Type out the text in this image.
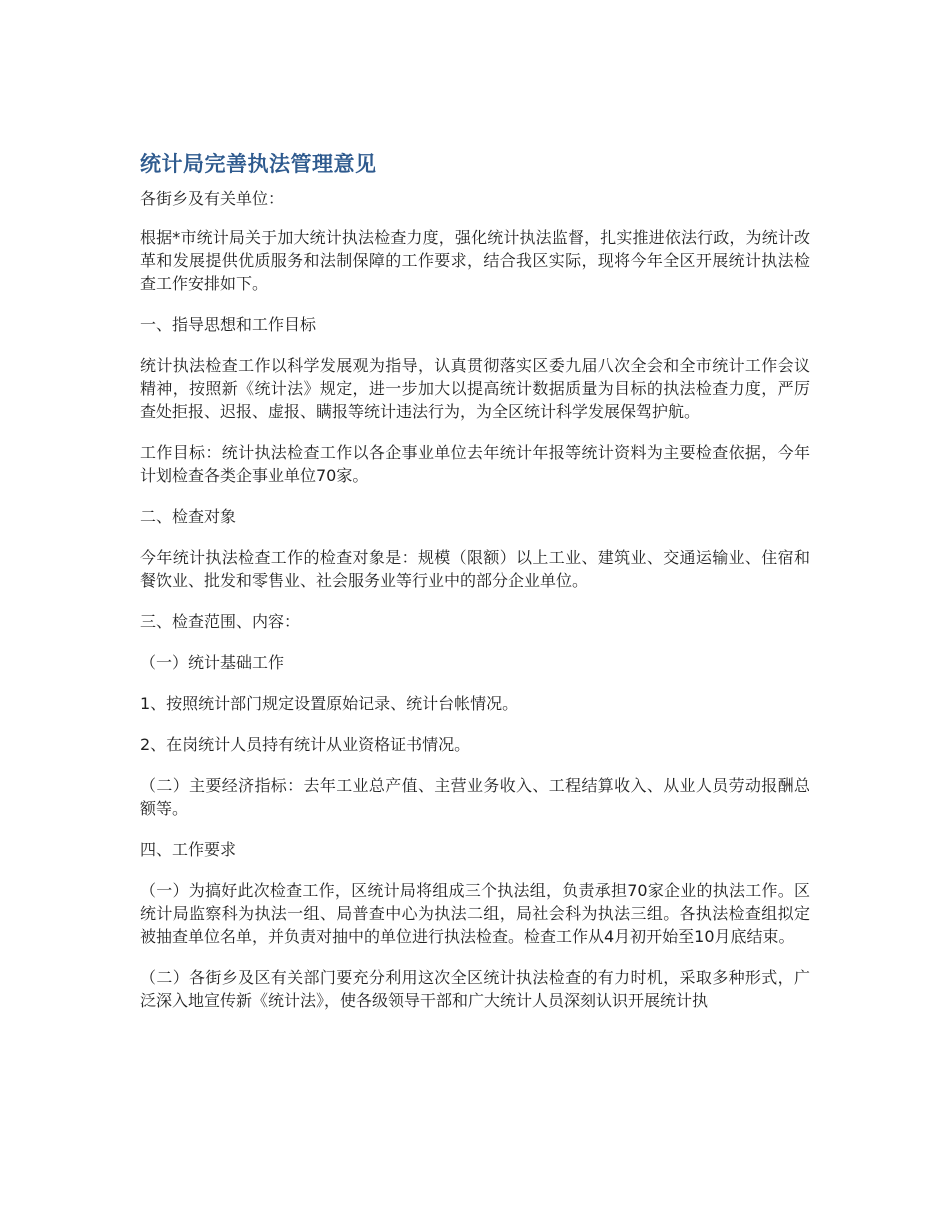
统计局完善执法管理意见
各街乡及有关单位：

根据*市统计局关于加大统计执法检查力度，强化统计执法监督，扎实推进依法行政，为统计改革和发展提供优质服务和法制保障的工作要求，结合我区实际，现将今年全区开展统计执法检查工作安排如下。

一、指导思想和工作目标

统计执法检查工作以科学发展观为指导，认真贯彻落实区委九届八次全会和全市统计工作会议精神，按照新《统计法》规定，进一步加大以提高统计数据质量为目标的执法检查力度，严厉查处拒报、迟报、虚报、瞒报等统计违法行为，为全区统计科学发展保驾护航。

工作目标：统计执法检查工作以各企事业单位去年统计年报等统计资料为主要检查依据，今年计划检查各类企事业单位70家。

二、检查对象

今年统计执法检查工作的检查对象是：规模（限额）以上工业、建筑业、交通运输业、住宿和餐饮业、批发和零售业、社会服务业等行业中的部分企业单位。

三、检查范围、内容：

（一）统计基础工作

1、按照统计部门规定设置原始记录、统计台帐情况。

2、在岗统计人员持有统计从业资格证书情况。

（二）主要经济指标：去年工业总产值、主营业务收入、工程结算收入、从业人员劳动报酬总额等。

四、工作要求

（一）为搞好此次检查工作，区统计局将组成三个执法组，负责承担70家企业的执法工作。区统计局监察科为执法一组、局普查中心为执法二组，局社会科为执法三组。各执法检查组拟定被抽查单位名单，并负责对抽中的单位进行执法检查。检查工作从4月初开始至10月底结束。

（二）各街乡及区有关部门要充分利用这次全区统计执法检查的有力时机，采取多种形式，广泛深入地宣传新《统计法》，使各级领导干部和广大统计人员深刻认识开展统计执
